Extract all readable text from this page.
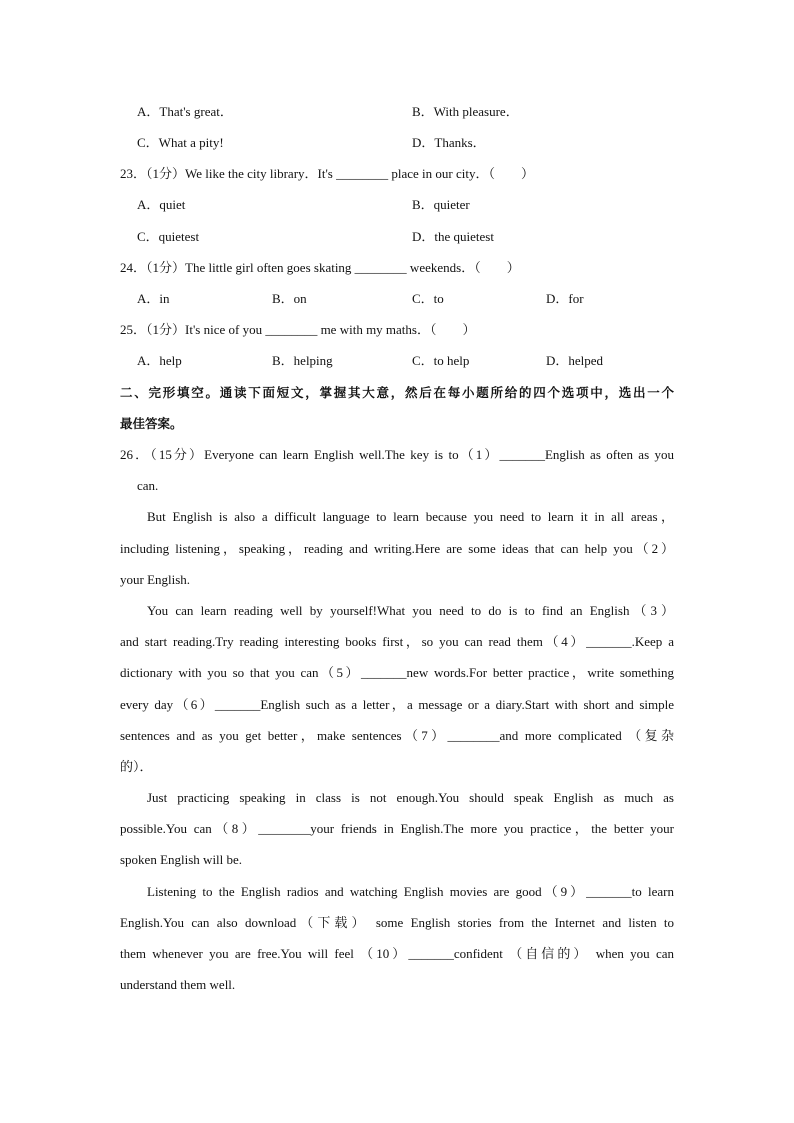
A．That's great．	B．With pleasure．
C．What a pity!	D．Thanks．
23．（1分）We like the city library．It's ________ place in our city．（　　）
A．quiet	B．quieter
C．quietest	D．the quietest
24．（1分）The little girl often goes skating ________ weekends．（　　）
A．in	B．on	C．to	D．for
25．（1分）It's nice of you ________ me with my maths．（　　）
A．help	B．helping	C．to help	D．helped
二、完形填空。通读下面短文，掌握其大意，然后在每小题所给的四个选项中，选出一个
最佳答案。
26．（15分）Everyone can learn English well.The key is to（1）_______English as often as you
can.
But English is also a difficult language to learn because you need to learn it in all areas，
including listening，speaking，reading and writing.Here are some ideas that can help you（2）
your English.
You can learn reading well by yourself!What you need to do is to find an English（3）
and start reading.Try reading interesting books first，so you can read them（4）_______.Keep a
dictionary with you so that you can（5）_______new words.For better practice，write something
every day（6）_______English such as a letter，a message or a diary.Start with short and simple
sentences and as you get better，make sentences（7）________and more complicated （复杂
的）．
Just practicing speaking in class is not enough.You should speak English as much as
possible.You can（8）________your friends in English.The more you practice，the better your
spoken English will be.
Listening to the English radios and watching English movies are good（9）_______to learn
English.You can also download（下载） some English stories from the Internet and listen to
them whenever you are free.You will feel （10）_______confident （自信的） when you can
understand them well.
